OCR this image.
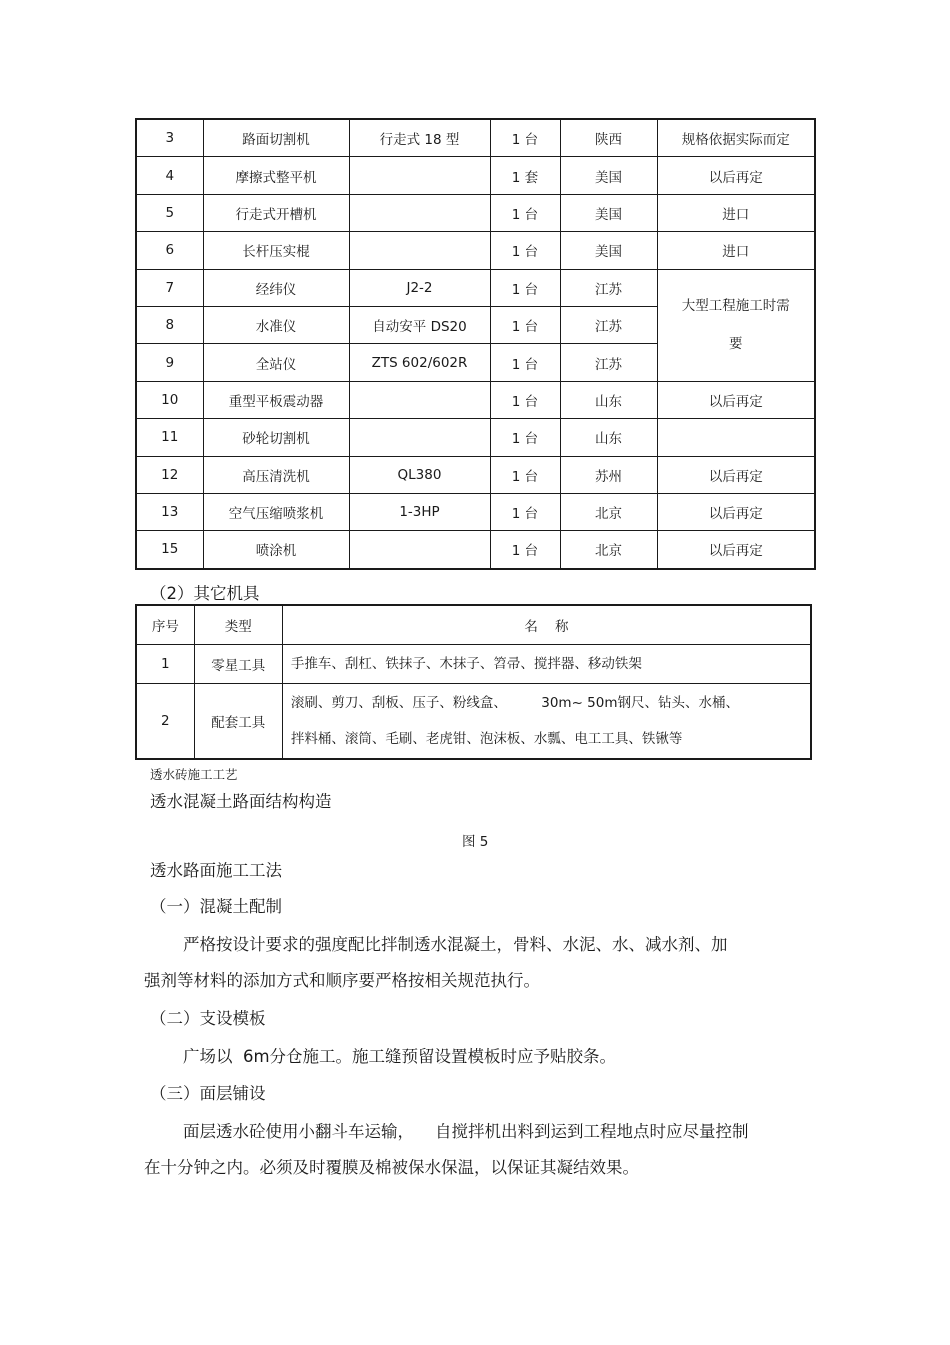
3	路面切割机	行走式 18 型	1 台	陕西	规格依据实际而定
4	摩擦式整平机		1 套	美国	以后再定
5	行走式开槽机		1 台	美国	进口
6	长杆压实棍		1 台	美国	进口
7	经纬仪	J2-2	1 台	江苏	大型工程施工时需
要
8	水准仪	自动安平 DS20	1 台	江苏	
9	全站仪	ZTS 602/602R	1 台	江苏	
10	重型平板震动器		1 台	山东	以后再定
11	砂轮切割机		1 台	山东	
12	高压清洗机	QL380	1 台	苏州	以后再定
13	空气压缩喷浆机	1-3HP	1 台	北京	以后再定
15	喷涂机		1 台	北京	以后再定
（2）其它机具
序号	类型	名    称
1	零星工具	手推车、刮杠、铁抹子、木抹子、笤帚、搅拌器、移动铁架
2	配套工具	滚刷、剪刀、刮板、压子、粉线盒、        30m~ 50m钢尺、钻头、水桶、
拌料桶、滚筒、毛刷、老虎钳、泡沫板、水瓢、电工工具、铁锹等
透水砖施工工艺
透水混凝土路面结构构造
图 5
透水路面施工工法
（一）混凝土配制
严格按设计要求的强度配比拌制透水混凝土，骨料、水泥、水、减水剂、加
强剂等材料的添加方式和顺序要严格按相关规范执行。
（二）支设模板
广场以  6m分仓施工。施工缝预留设置模板时应予贴胶条。
（三）面层铺设
面层透水砼使用小翻斗车运输，    自搅拌机出料到运到工程地点时应尽量控制
在十分钟之内。必须及时覆膜及棉被保水保温，以保证其凝结效果。
